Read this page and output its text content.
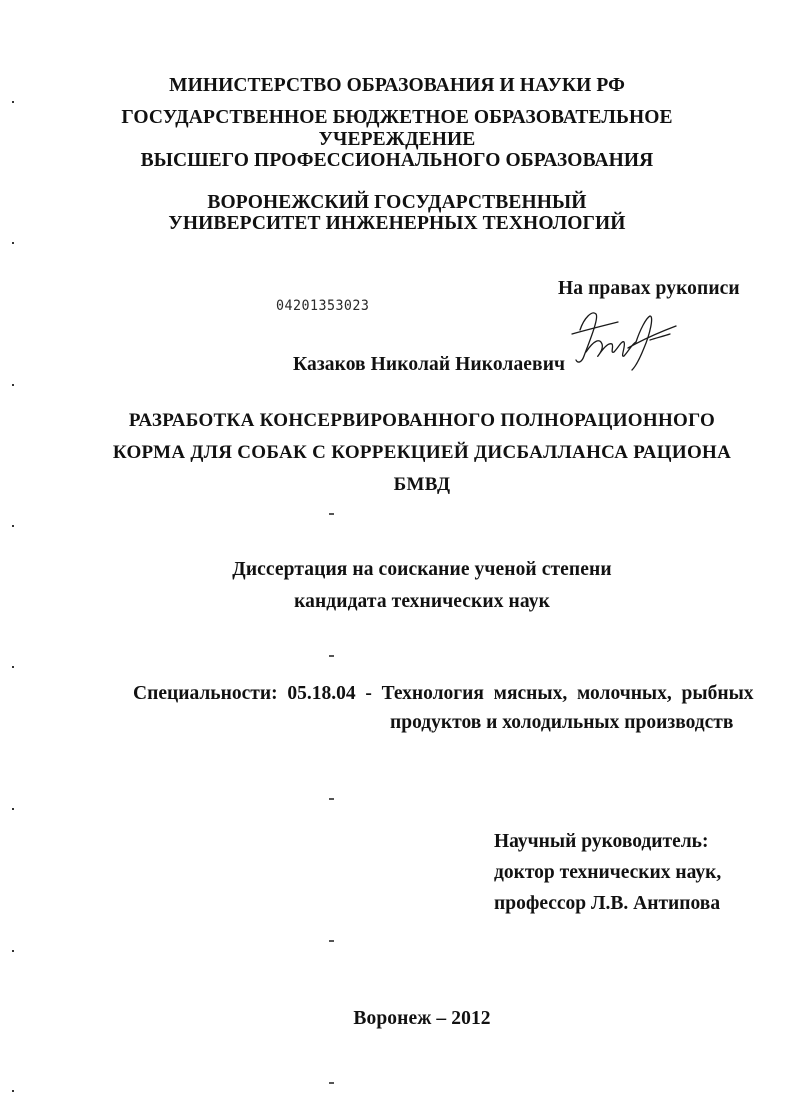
МИНИСТЕРСТВО ОБРАЗОВАНИЯ И НАУКИ РФ
ГОСУДАРСТВЕННОЕ БЮДЖЕТНОЕ ОБРАЗОВАТЕЛЬНОЕ
УЧЕРЕЖДЕНИЕ
ВЫСШЕГО ПРОФЕССИОНАЛЬНОГО ОБРАЗОВАНИЯ
ВОРОНЕЖСКИЙ ГОСУДАРСТВЕННЫЙ
УНИВЕРСИТЕТ ИНЖЕНЕРНЫХ ТЕХНОЛОГИЙ
На правах рукописи
04201353023
Казаков Николай Николаевич
РАЗРАБОТКА КОНСЕРВИРОВАННОГО ПОЛНОРАЦИОННОГО
КОРМА ДЛЯ СОБАК С КОРРЕКЦИЕЙ ДИСБАЛЛАНСА РАЦИОНА
БМВД
Диссертация на соискание ученой степени
кандидата технических наук
Специальности: 05.18.04 - Технология  мясных,  молочных,  рыбных
продуктов и холодильных производств
Научный руководитель:
доктор технических наук,
профессор Л.В. Антипова
Воронеж – 2012
